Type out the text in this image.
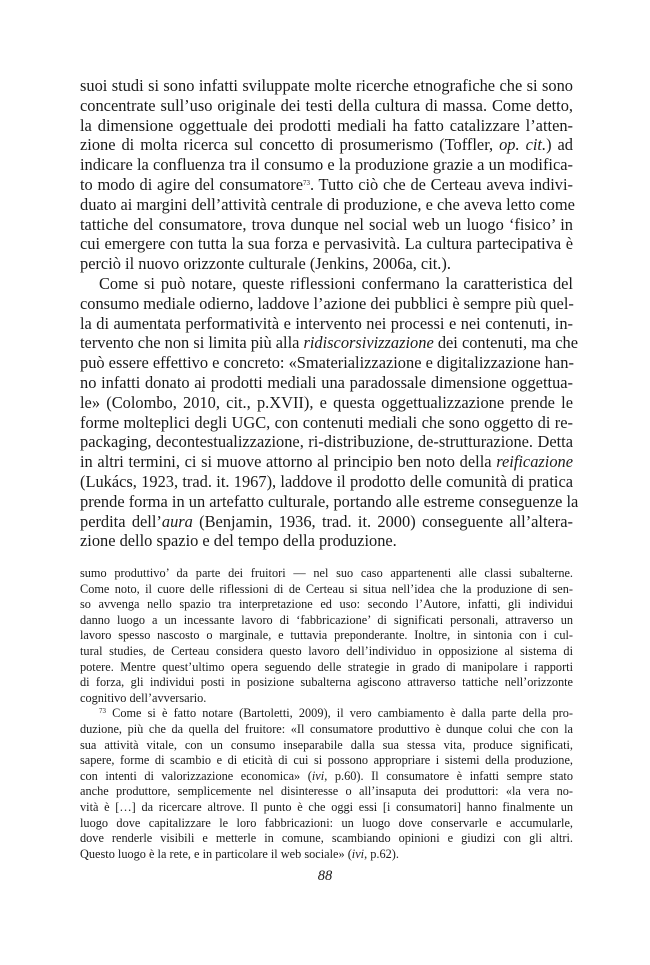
suoi studi si sono infatti sviluppate molte ricerche etnografiche che si sono
concentrate sull’uso originale dei testi della cultura di massa. Come detto,
la dimensione oggettuale dei prodotti mediali ha fatto catalizzare l’atten-
zione di molta ricerca sul concetto di prosumerismo (Toffler, op. cit.) ad
indicare la confluenza tra il consumo e la produzione grazie a un modifica-
to modo di agire del consumatore$^{73}$. Tutto ciò che de Certeau aveva indivi-
duato ai margini dell’attività centrale di produzione, e che aveva letto come
tattiche del consumatore, trova dunque nel social web un luogo ‘fisico’ in
cui emergere con tutta la sua forza e pervasività. La cultura partecipativa è
perciò il nuovo orizzonte culturale (Jenkins, 2006a, cit.).
Come si può notare, queste riflessioni confermano la caratteristica del
consumo mediale odierno, laddove l’azione dei pubblici è sempre più quel-
la di aumentata performatività e intervento nei processi e nei contenuti, in-
tervento che non si limita più alla ridiscorsivizzazione dei contenuti, ma che
può essere effettivo e concreto: «Smaterializzazione e digitalizzazione han-
no infatti donato ai prodotti mediali una paradossale dimensione oggettua-
le» (Colombo, 2010, cit., p.XVII), e questa oggettualizzazione prende le
forme molteplici degli UGC, con contenuti mediali che sono oggetto di re-
packaging, decontestualizzazione, ri-distribuzione, de-strutturazione. Detta
in altri termini, ci si muove attorno al principio ben noto della reificazione
(Lukács, 1923, trad. it. 1967), laddove il prodotto delle comunità di pratica
prende forma in un artefatto culturale, portando alle estreme conseguenze la
perdita dell’aura (Benjamin, 1936, trad. it. 2000) conseguente all’altera-
zione dello spazio e del tempo della produzione.
sumo produttivo’ da parte dei fruitori — nel suo caso appartenenti alle classi subalterne.
Come noto, il cuore delle riflessioni di de Certeau si situa nell’idea che la produzione di sen-
so avvenga nello spazio tra interpretazione ed uso: secondo l’Autore, infatti, gli individui
danno luogo a un incessante lavoro di ‘fabbricazione’ di significati personali, attraverso un
lavoro spesso nascosto o marginale, e tuttavia preponderante. Inoltre, in sintonia con i cul-
tural studies, de Certeau considera questo lavoro dell’individuo in opposizione al sistema di
potere. Mentre quest’ultimo opera seguendo delle strategie in grado di manipolare i rapporti
di forza, gli individui posti in posizione subalterna agiscono attraverso tattiche nell’orizzonte
cognitivo dell’avversario.
$^{73}$ Come si è fatto notare (Bartoletti, 2009), il vero cambiamento è dalla parte della pro-
duzione, più che da quella del fruitore: «Il consumatore produttivo è dunque colui che con la
sua attività vitale, con un consumo inseparabile dalla sua stessa vita, produce significati,
sapere, forme di scambio e di eticità di cui si possono appropriare i sistemi della produzione,
con intenti di valorizzazione economica» (ivi, p.60). Il consumatore è infatti sempre stato
anche produttore, semplicemente nel disinteresse o all’insaputa dei produttori: «la vera no-
vità è […] da ricercare altrove. Il punto è che oggi essi [i consumatori] hanno finalmente un
luogo dove capitalizzare le loro fabbricazioni: un luogo dove conservarle e accumularle,
dove renderle visibili e metterle in comune, scambiando opinioni e giudizi con gli altri.
Questo luogo è la rete, e in particolare il web sociale» (ivi, p.62).
88
